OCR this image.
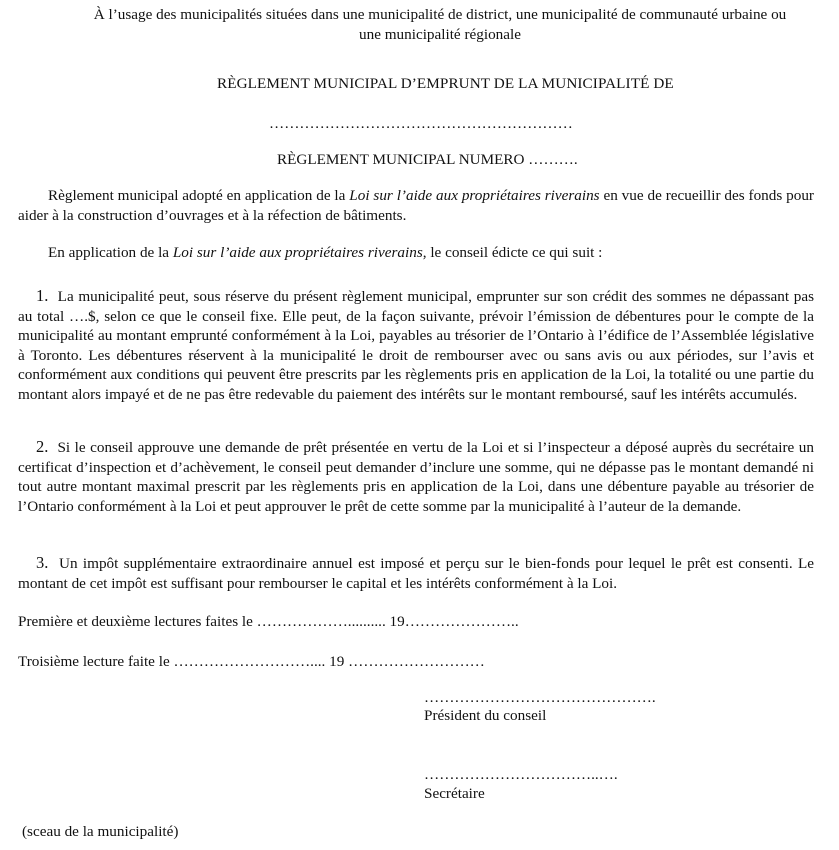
À l’usage des municipalités situées dans une municipalité de district, une municipalité de communauté urbaine ou
une municipalité régionale
RÈGLEMENT MUNICIPAL D’EMPRUNT DE LA MUNICIPALITÉ DE
……………………………………………………
RÈGLEMENT MUNICIPAL NUMERO ……….
Règlement municipal adopté en application de la Loi sur l’aide aux propriétaires riverains en vue de recueillir des fonds pour aider à la construction d’ouvrages et à la réfection de bâtiments.
En application de la Loi sur l’aide aux propriétaires riverains, le conseil édicte ce qui suit :
1. La municipalité peut, sous réserve du présent règlement municipal, emprunter sur son crédit des sommes ne dépassant pas au total ….$, selon ce que le conseil fixe. Elle peut, de la façon suivante, prévoir l’émission de débentures pour le compte de la municipalité au montant emprunté conformément à la Loi, payables au trésorier de l’Ontario à l’édifice de l’Assemblée législative à Toronto. Les débentures réservent à la municipalité le droit de rembourser avec ou sans avis ou aux périodes, sur l’avis et conformément aux conditions qui peuvent être prescrits par les règlements pris en application de la Loi, la totalité ou une partie du montant alors impayé et de ne pas être redevable du paiement des intérêts sur le montant remboursé, sauf les intérêts accumulés.
2. Si le conseil approuve une demande de prêt présentée en vertu de la Loi et si l’inspecteur a déposé auprès du secrétaire un certificat d’inspection et d’achèvement, le conseil peut demander d’inclure une somme, qui ne dépasse pas le montant demandé ni tout autre montant maximal prescrit par les règlements pris en application de la Loi, dans une débenture payable au trésorier de l’Ontario conformément à la Loi et peut approuver le prêt de cette somme par la municipalité à l’auteur de la demande.
3. Un impôt supplémentaire extraordinaire annuel est imposé et perçu sur le bien-fonds pour lequel le prêt est consenti. Le montant de cet impôt est suffisant pour rembourser le capital et les intérêts conformément à la Loi.
Première et deuxième lectures faites le ……………….......... 19…………………..
Troisième lecture faite le ……………………….... 19 ………………………
……………………………………….
Président du conseil
……………………………..….
Secrétaire
(sceau de la municipalité)
